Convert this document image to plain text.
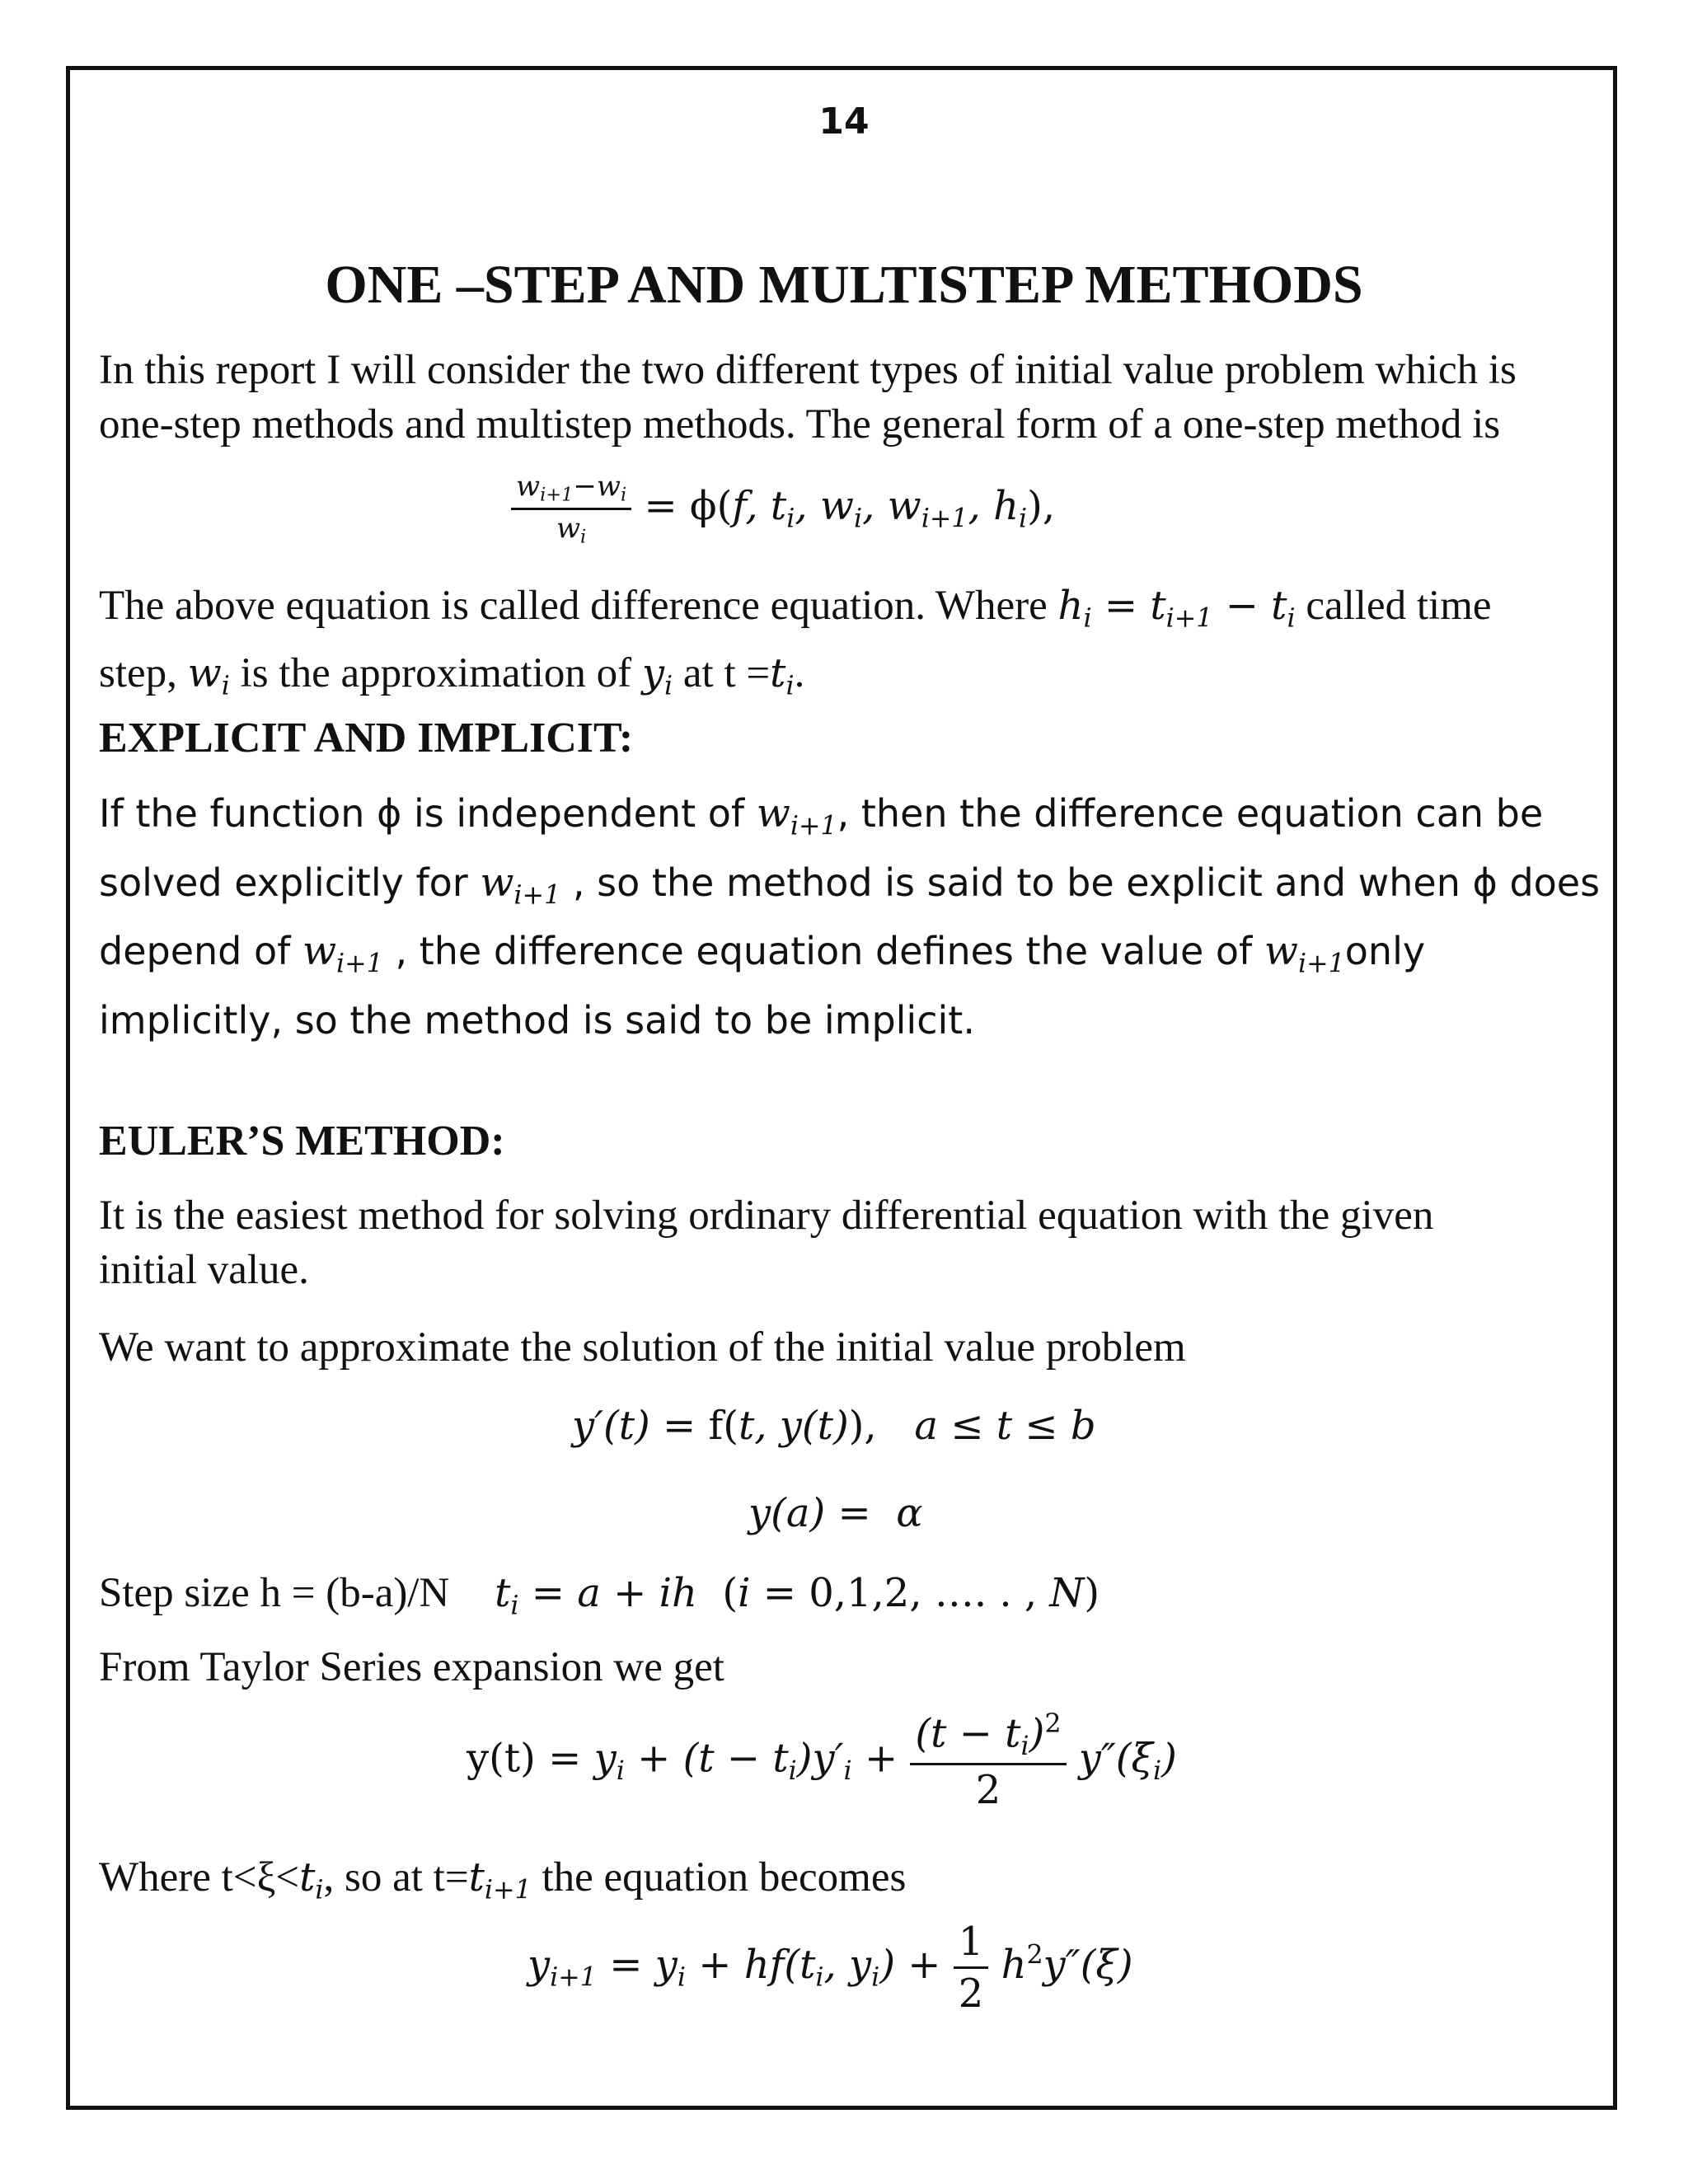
14
ONE –STEP AND MULTISTEP METHODS
In this report I will consider the two different types of initial value problem which is
one-step methods and multistep methods. The general form of a one-step method is
$\frac{w_{i+1}-w_i}{w_i} = \phi(f$, $t_i$, $w_i$, $w_{i+1}$, $h_i$),
The above equation is called difference equation. Where $h_i = t_{i+1} - t_i$ called time
step, $w_i$ is the approximation of $y_i$ at $t =t_i$.
EXPLICIT AND IMPLICIT:
If the function ϕ is independent of $w_{i+1}$, then the difference equation can be
solved explicitly for $w_{i+1}$ , so the method is said to be explicit and when ϕ does
depend of $w_{i+1}$ , the difference equation defines the value of $w_{i+1}only$
implicitly, so the method is said to be implicit.
EULER’S METHOD:
It is the easiest method for solving ordinary differential equation with the given
initial value.
We want to approximate the solution of the initial value problem
y′(t) = f(t, y(t)),   a ≤ t ≤ b
y(a) =  α
Step size h = (b-a)/N $t_i = a$ + ih  (i = 0,1,2, …. . , N)
From Taylor Series expansion we get
$y(t) = y_i + (t - t_i)y'_i + \frac{(t - t_i)^2}{2} y''(\xi_i)$
Where $t<\xi<t_i$, so at $t=t_{i+1}$ the equation becomes
$y_{i+1} = y_i + hf(t_i$, $y_i) + \frac{1}{2} h^2y''(\xi)$
